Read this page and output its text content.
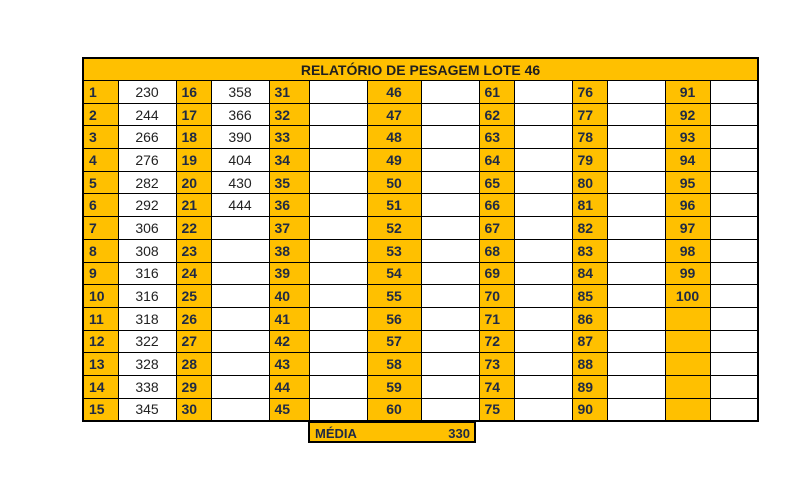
RELATÓRIO DE PESAGEM LOTE 46													
1	230	16	358	31		46		61		76		91	
2	244	17	366	32		47		62		77		92	
3	266	18	390	33		48		63		78		93	
4	276	19	404	34		49		64		79		94	
5	282	20	430	35		50		65		80		95	
6	292	21	444	36		51		66		81		96	
7	306	22		37		52		67		82		97	
8	308	23		38		53		68		83		98	
9	316	24		39		54		69		84		99	
10	316	25		40		55		70		85		100	
11	318	26		41		56		71		86			
12	322	27		42		57		72		87			
13	328	28		43		58		73		88			
14	338	29		44		59		74		89			
15	345	30		45		60		75		90			
MÉDIA	330
